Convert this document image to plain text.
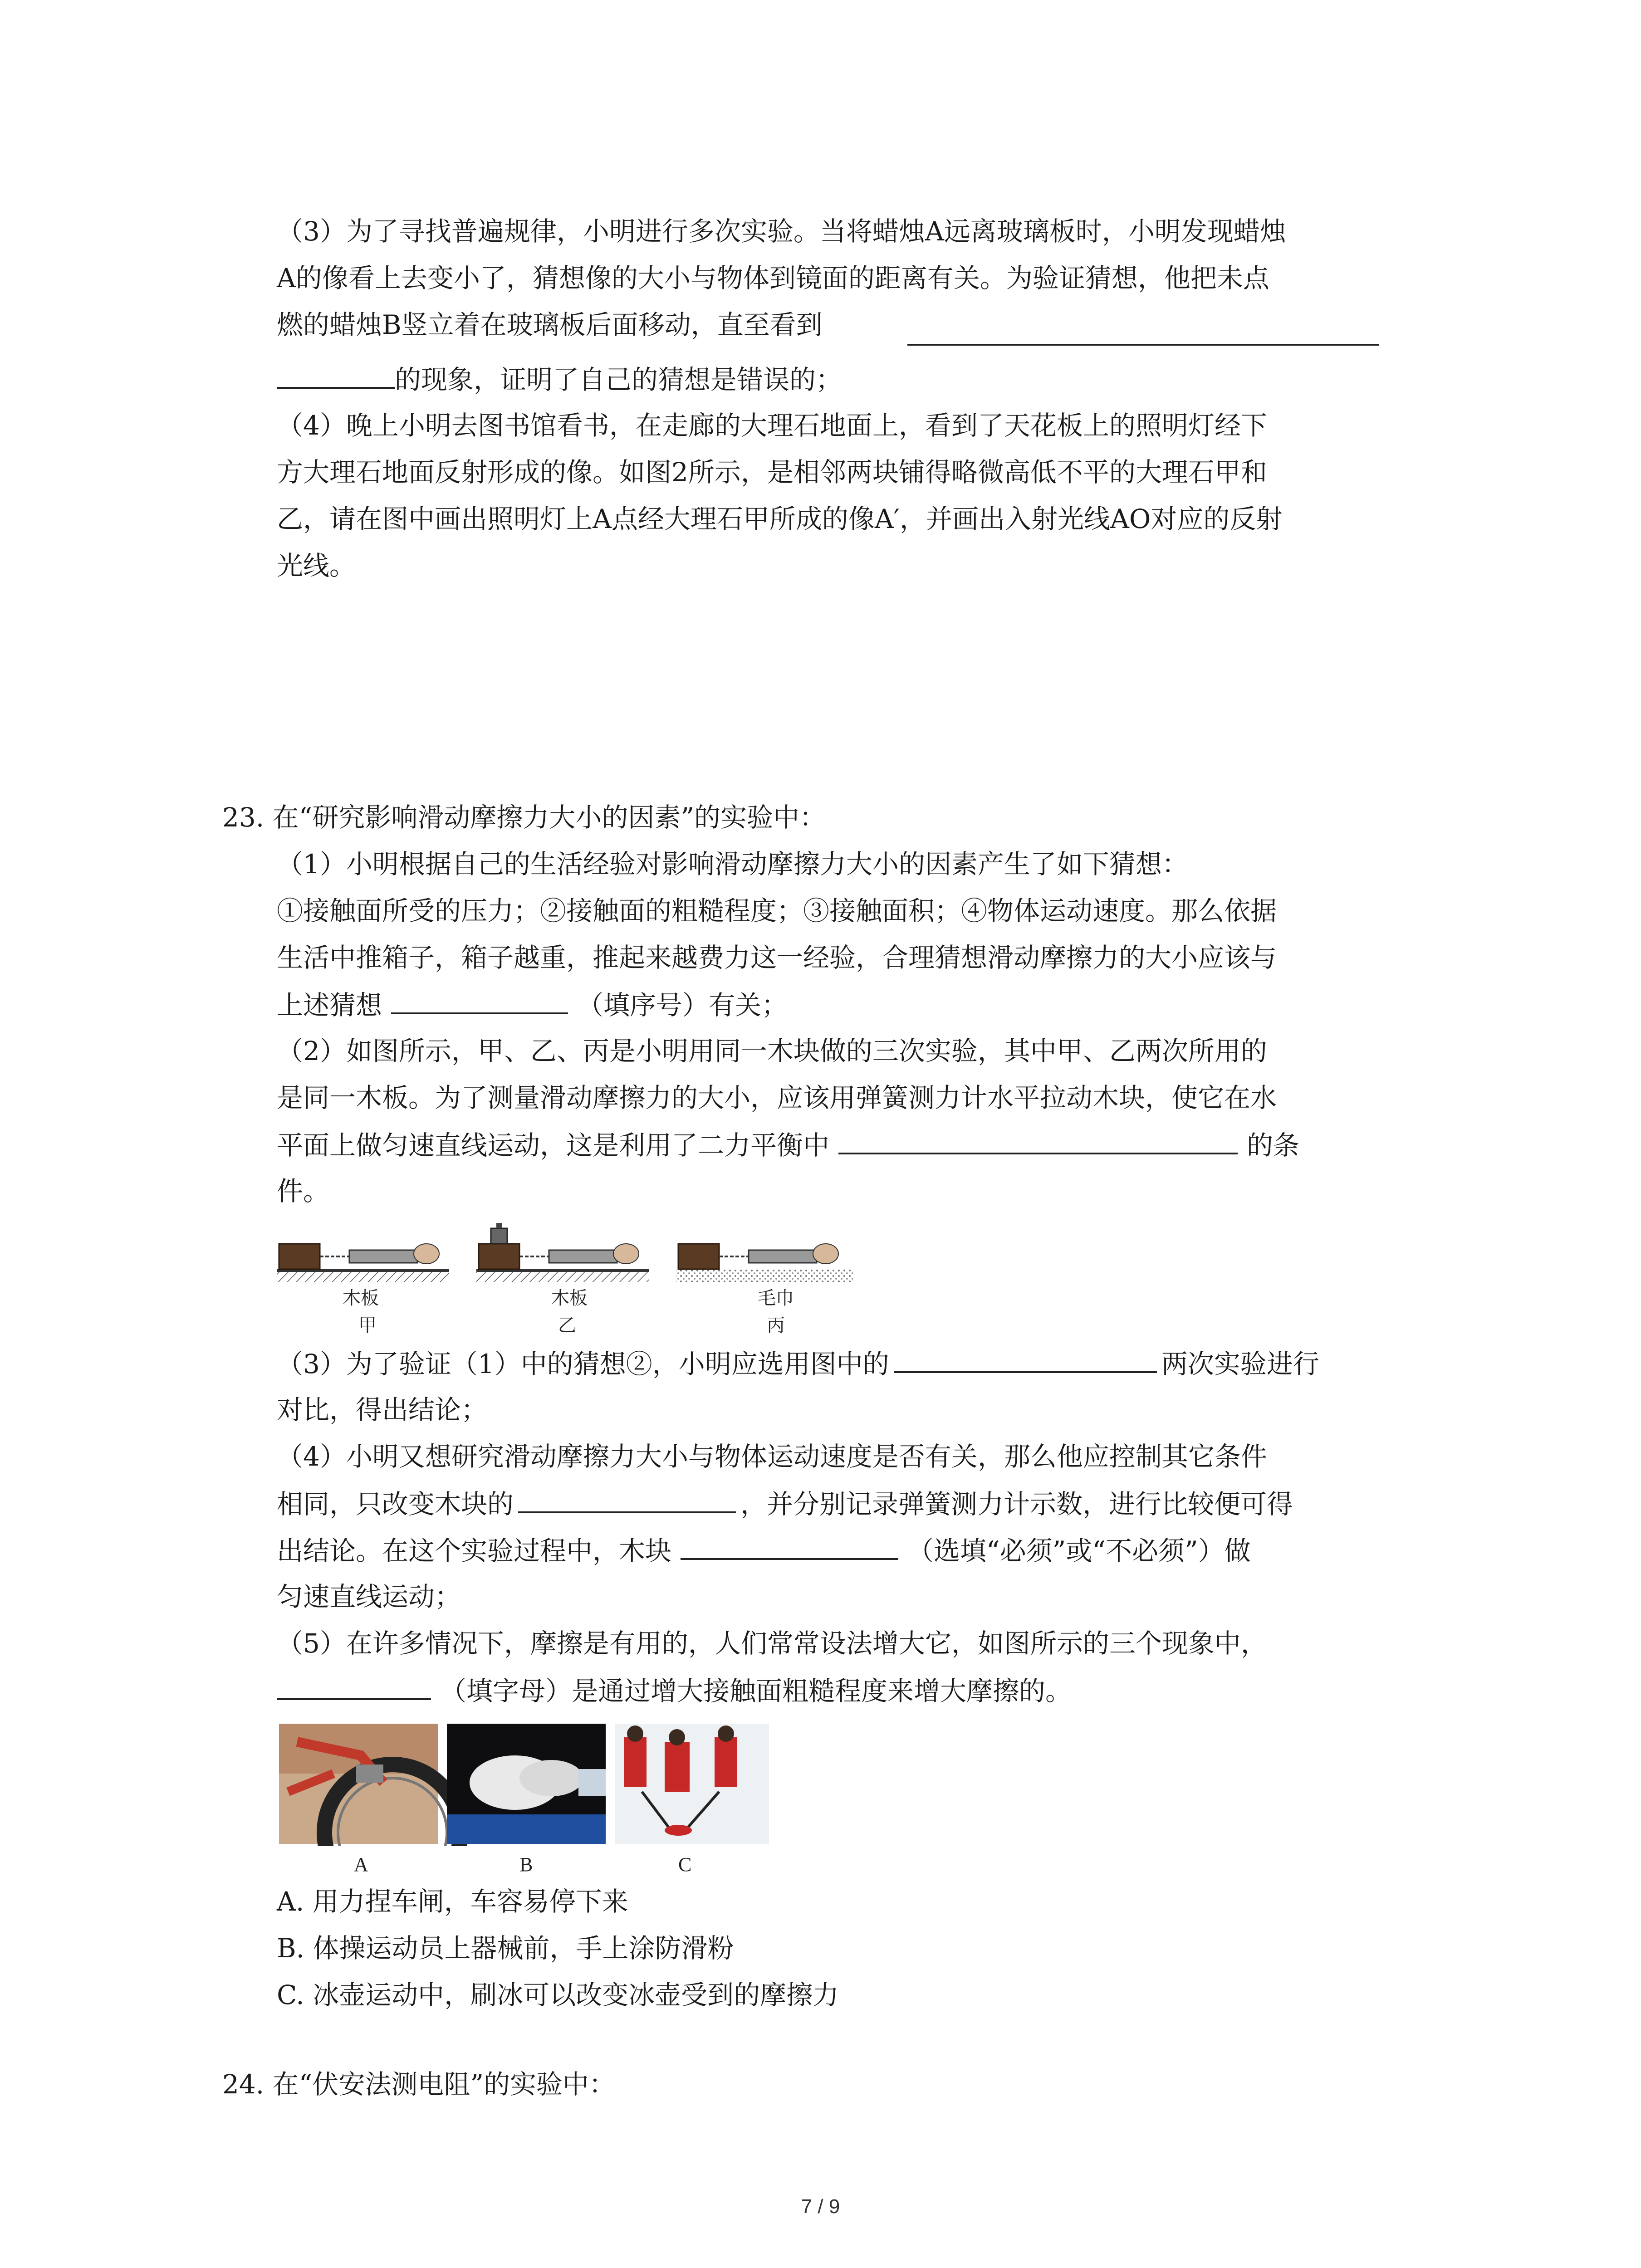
（3）为了寻找普遍规律，小明进行多次实验。当将蜡烛A远离玻璃板时，小明发现蜡烛
A的像看上去变小了，猜想像的大小与物体到镜面的距离有关。为验证猜想，他把未点
燃的蜡烛B竖立着在玻璃板后面移动，直至看到
的现象，证明了自己的猜想是错误的；
（4）晚上小明去图书馆看书，在走廊的大理石地面上，看到了天花板上的照明灯经下
方大理石地面反射形成的像。如图2所示，是相邻两块铺得略微高低不平的大理石甲和
乙，请在图中画出照明灯上A点经大理石甲所成的像A′，并画出入射光线AO对应的反射
光线。
23. 在“研究影响滑动摩擦力大小的因素”的实验中：
（1）小明根据自己的生活经验对影响滑动摩擦力大小的因素产生了如下猜想：
①接触面所受的压力；②接触面的粗糙程度；③接触面积；④物体运动速度。那么依据
生活中推箱子，箱子越重，推起来越费力这一经验，合理猜想滑动摩擦力的大小应该与
上述猜想	（填序号）有关；
（2）如图所示，甲、乙、丙是小明用同一木块做的三次实验，其中甲、乙两次所用的
是同一木板。为了测量滑动摩擦力的大小，应该用弹簧测力计水平拉动木块，使它在水
平面上做匀速直线运动，这是利用了二力平衡中	的条
件。
木板
甲
木板
乙
毛巾
丙
（3）为了验证（1）中的猜想②，小明应选用图中的	两次实验进行
对比，得出结论；
（4）小明又想研究滑动摩擦力大小与物体运动速度是否有关，那么他应控制其它条件
相同，只改变木块的	，并分别记录弹簧测力计示数，进行比较便可得
出结论。在这个实验过程中，木块	（选填“必须”或“不必须”）做
匀速直线运动；
（5）在许多情况下，摩擦是有用的，人们常常设法增大它，如图所示的三个现象中，
（填字母）是通过增大接触面粗糙程度来增大摩擦的。
A	B	C
A. 用力捏车闸，车容易停下来
B. 体操运动员上器械前，手上涂防滑粉
C. 冰壶运动中，刷冰可以改变冰壶受到的摩擦力
24. 在“伏安法测电阻”的实验中：
7 / 9
